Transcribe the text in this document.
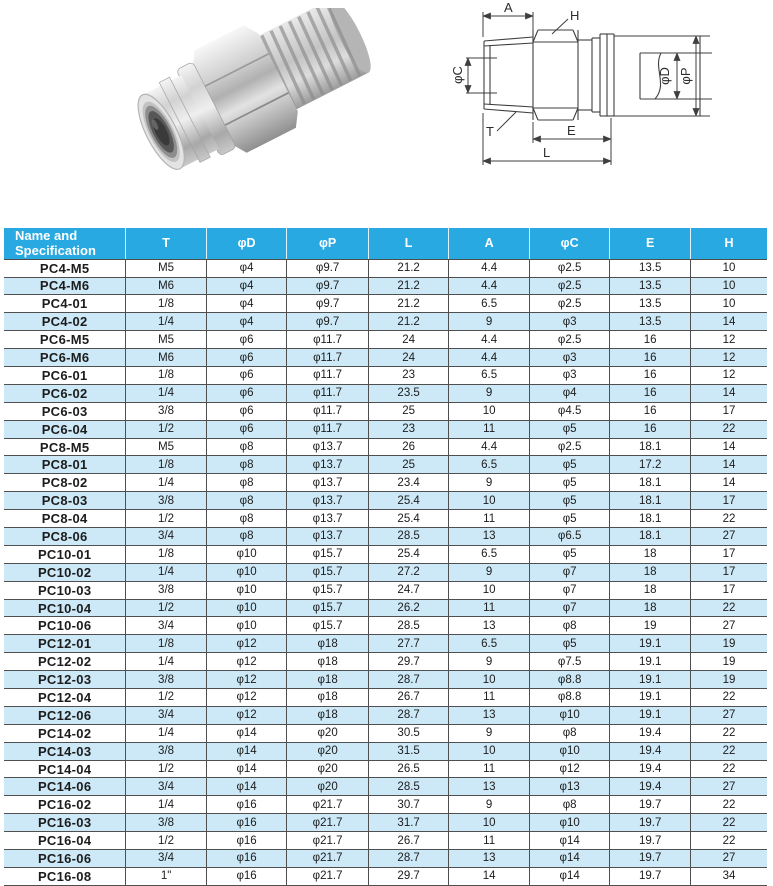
A
H
φC	φD φP
T	E
L
Name and Specification	T	φD	φP	L	A	φC	E	H
PC4-M5	M5	φ4	φ9.7	21.2	4.4	φ2.5	13.5	10
PC4-M6	M6	φ4	φ9.7	21.2	4.4	φ2.5	13.5	10
PC4-01	1/8	φ4	φ9.7	21.2	6.5	φ2.5	13.5	10
PC4-02	1/4	φ4	φ9.7	21.2	9	φ3	13.5	14
PC6-M5	M5	φ6	φ11.7	24	4.4	φ2.5	16	12
PC6-M6	M6	φ6	φ11.7	24	4.4	φ3	16	12
PC6-01	1/8	φ6	φ11.7	23	6.5	φ3	16	12
PC6-02	1/4	φ6	φ11.7	23.5	9	φ4	16	14
PC6-03	3/8	φ6	φ11.7	25	10	φ4.5	16	17
PC6-04	1/2	φ6	φ11.7	23	11	φ5	16	22
PC8-M5	M5	φ8	φ13.7	26	4.4	φ2.5	18.1	14
PC8-01	1/8	φ8	φ13.7	25	6.5	φ5	17.2	14
PC8-02	1/4	φ8	φ13.7	23.4	9	φ5	18.1	14
PC8-03	3/8	φ8	φ13.7	25.4	10	φ5	18.1	17
PC8-04	1/2	φ8	φ13.7	25.4	11	φ5	18.1	22
PC8-06	3/4	φ8	φ13.7	28.5	13	φ6.5	18.1	27
PC10-01	1/8	φ10	φ15.7	25.4	6.5	φ5	18	17
PC10-02	1/4	φ10	φ15.7	27.2	9	φ7	18	17
PC10-03	3/8	φ10	φ15.7	24.7	10	φ7	18	17
PC10-04	1/2	φ10	φ15.7	26.2	11	φ7	18	22
PC10-06	3/4	φ10	φ15.7	28.5	13	φ8	19	27
PC12-01	1/8	φ12	φ18	27.7	6.5	φ5	19.1	19
PC12-02	1/4	φ12	φ18	29.7	9	φ7.5	19.1	19
PC12-03	3/8	φ12	φ18	28.7	10	φ8.8	19.1	19
PC12-04	1/2	φ12	φ18	26.7	11	φ8.8	19.1	22
PC12-06	3/4	φ12	φ18	28.7	13	φ10	19.1	27
PC14-02	1/4	φ14	φ20	30.5	9	φ8	19.4	22
PC14-03	3/8	φ14	φ20	31.5	10	φ10	19.4	22
PC14-04	1/2	φ14	φ20	26.5	11	φ12	19.4	22
PC14-06	3/4	φ14	φ20	28.5	13	φ13	19.4	27
PC16-02	1/4	φ16	φ21.7	30.7	9	φ8	19.7	22
PC16-03	3/8	φ16	φ21.7	31.7	10	φ10	19.7	22
PC16-04	1/2	φ16	φ21.7	26.7	11	φ14	19.7	22
PC16-06	3/4	φ16	φ21.7	28.7	13	φ14	19.7	27
PC16-08	1"	φ16	φ21.7	29.7	14	φ14	19.7	34
